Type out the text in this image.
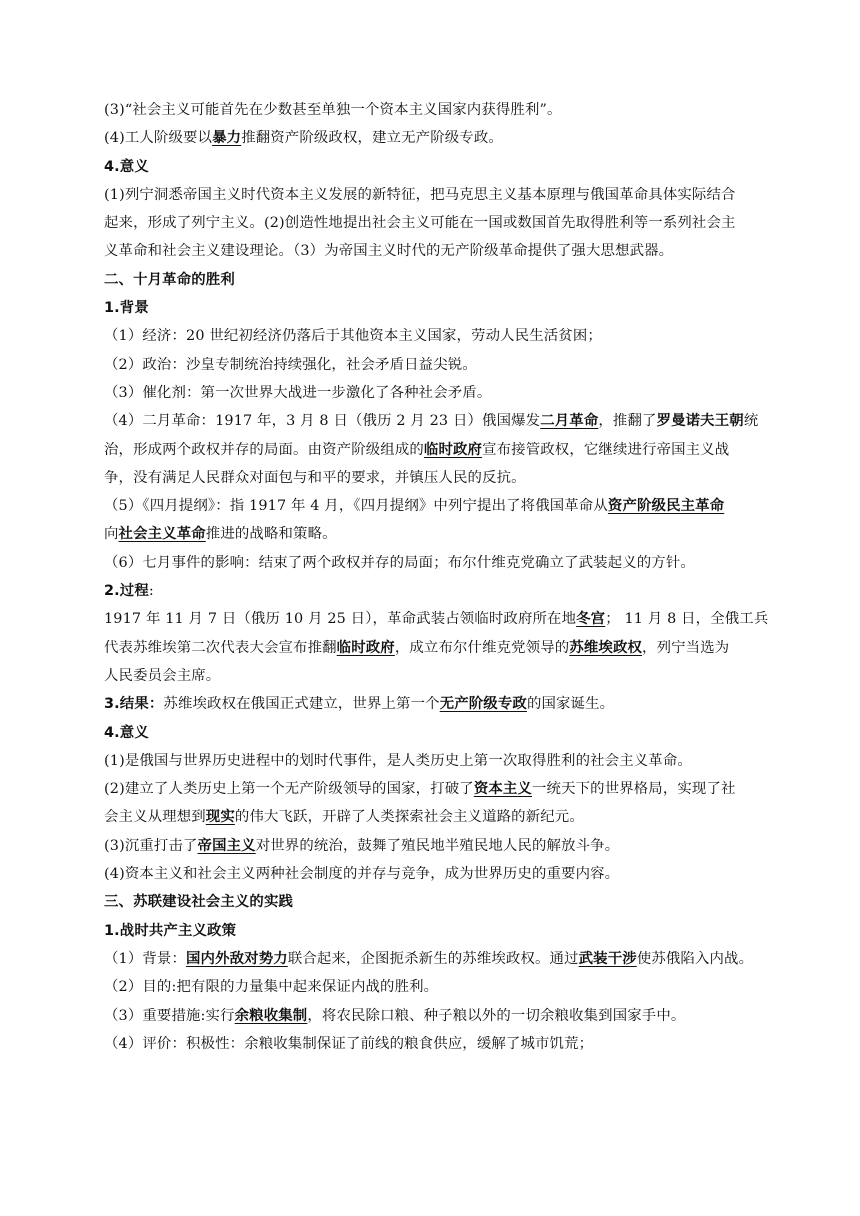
(3)“社会主义可能首先在少数甚至单独一个资本主义国家内获得胜利”。
(4)工人阶级要以暴力推翻资产阶级政权，建立无产阶级专政。
4.意义
(1)列宁洞悉帝国主义时代资本主义发展的新特征，把马克思主义基本原理与俄国革命具体实际结合
起来，形成了列宁主义。(2)创造性地提出社会主义可能在一国或数国首先取得胜利等一系列社会主
义革命和社会主义建设理论。（3）为帝国主义时代的无产阶级革命提供了强大思想武器。
二、十月革命的胜利
1.背景
（1）经济：20 世纪初经济仍落后于其他资本主义国家，劳动人民生活贫困；
（2）政治：沙皇专制统治持续强化，社会矛盾日益尖锐。
（3）催化剂：第一次世界大战进一步激化了各种社会矛盾。
（4）二月革命：1917 年，3 月 8 日（俄历 2 月 23 日）俄国爆发二月革命，推翻了罗曼诺夫王朝统
治，形成两个政权并存的局面。由资产阶级组成的临时政府宣布接管政权，它继续进行帝国主义战
争，没有满足人民群众对面包与和平的要求，并镇压人民的反抗。
（5）《四月提纲》：指 1917 年 4 月，《四月提纲》中列宁提出了将俄国革命从资产阶级民主革命
向社会主义革命推进的战略和策略。
（6）七月事件的影响：结束了两个政权并存的局面；布尔什维克党确立了武装起义的方针。
2.过程:
1917 年 11 月 7 日（俄历 10 月 25 日），革命武装占领临时政府所在地冬宫； 11 月 8 日，全俄工兵
代表苏维埃第二次代表大会宣布推翻临时政府，成立布尔什维克党领导的苏维埃政权，列宁当选为
人民委员会主席。
3.结果：苏维埃政权在俄国正式建立，世界上第一个无产阶级专政的国家诞生。
4.意义
(1)是俄国与世界历史进程中的划时代事件，是人类历史上第一次取得胜利的社会主义革命。
(2)建立了人类历史上第一个无产阶级领导的国家，打破了资本主义一统天下的世界格局，实现了社
会主义从理想到现实的伟大飞跃，开辟了人类探索社会主义道路的新纪元。
(3)沉重打击了帝国主义对世界的统治，鼓舞了殖民地半殖民地人民的解放斗争。
(4)资本主义和社会主义两种社会制度的并存与竞争，成为世界历史的重要内容。
三、苏联建设社会主义的实践
1.战时共产主义政策
（1）背景：国内外敌对势力联合起来，企图扼杀新生的苏维埃政权。通过武装干涉使苏俄陷入内战。
（2）目的:把有限的力量集中起来保证内战的胜利。
（3）重要措施:实行余粮收集制，将农民除口粮、种子粮以外的一切余粮收集到国家手中。
（4）评价：积极性：余粮收集制保证了前线的粮食供应，缓解了城市饥荒；
